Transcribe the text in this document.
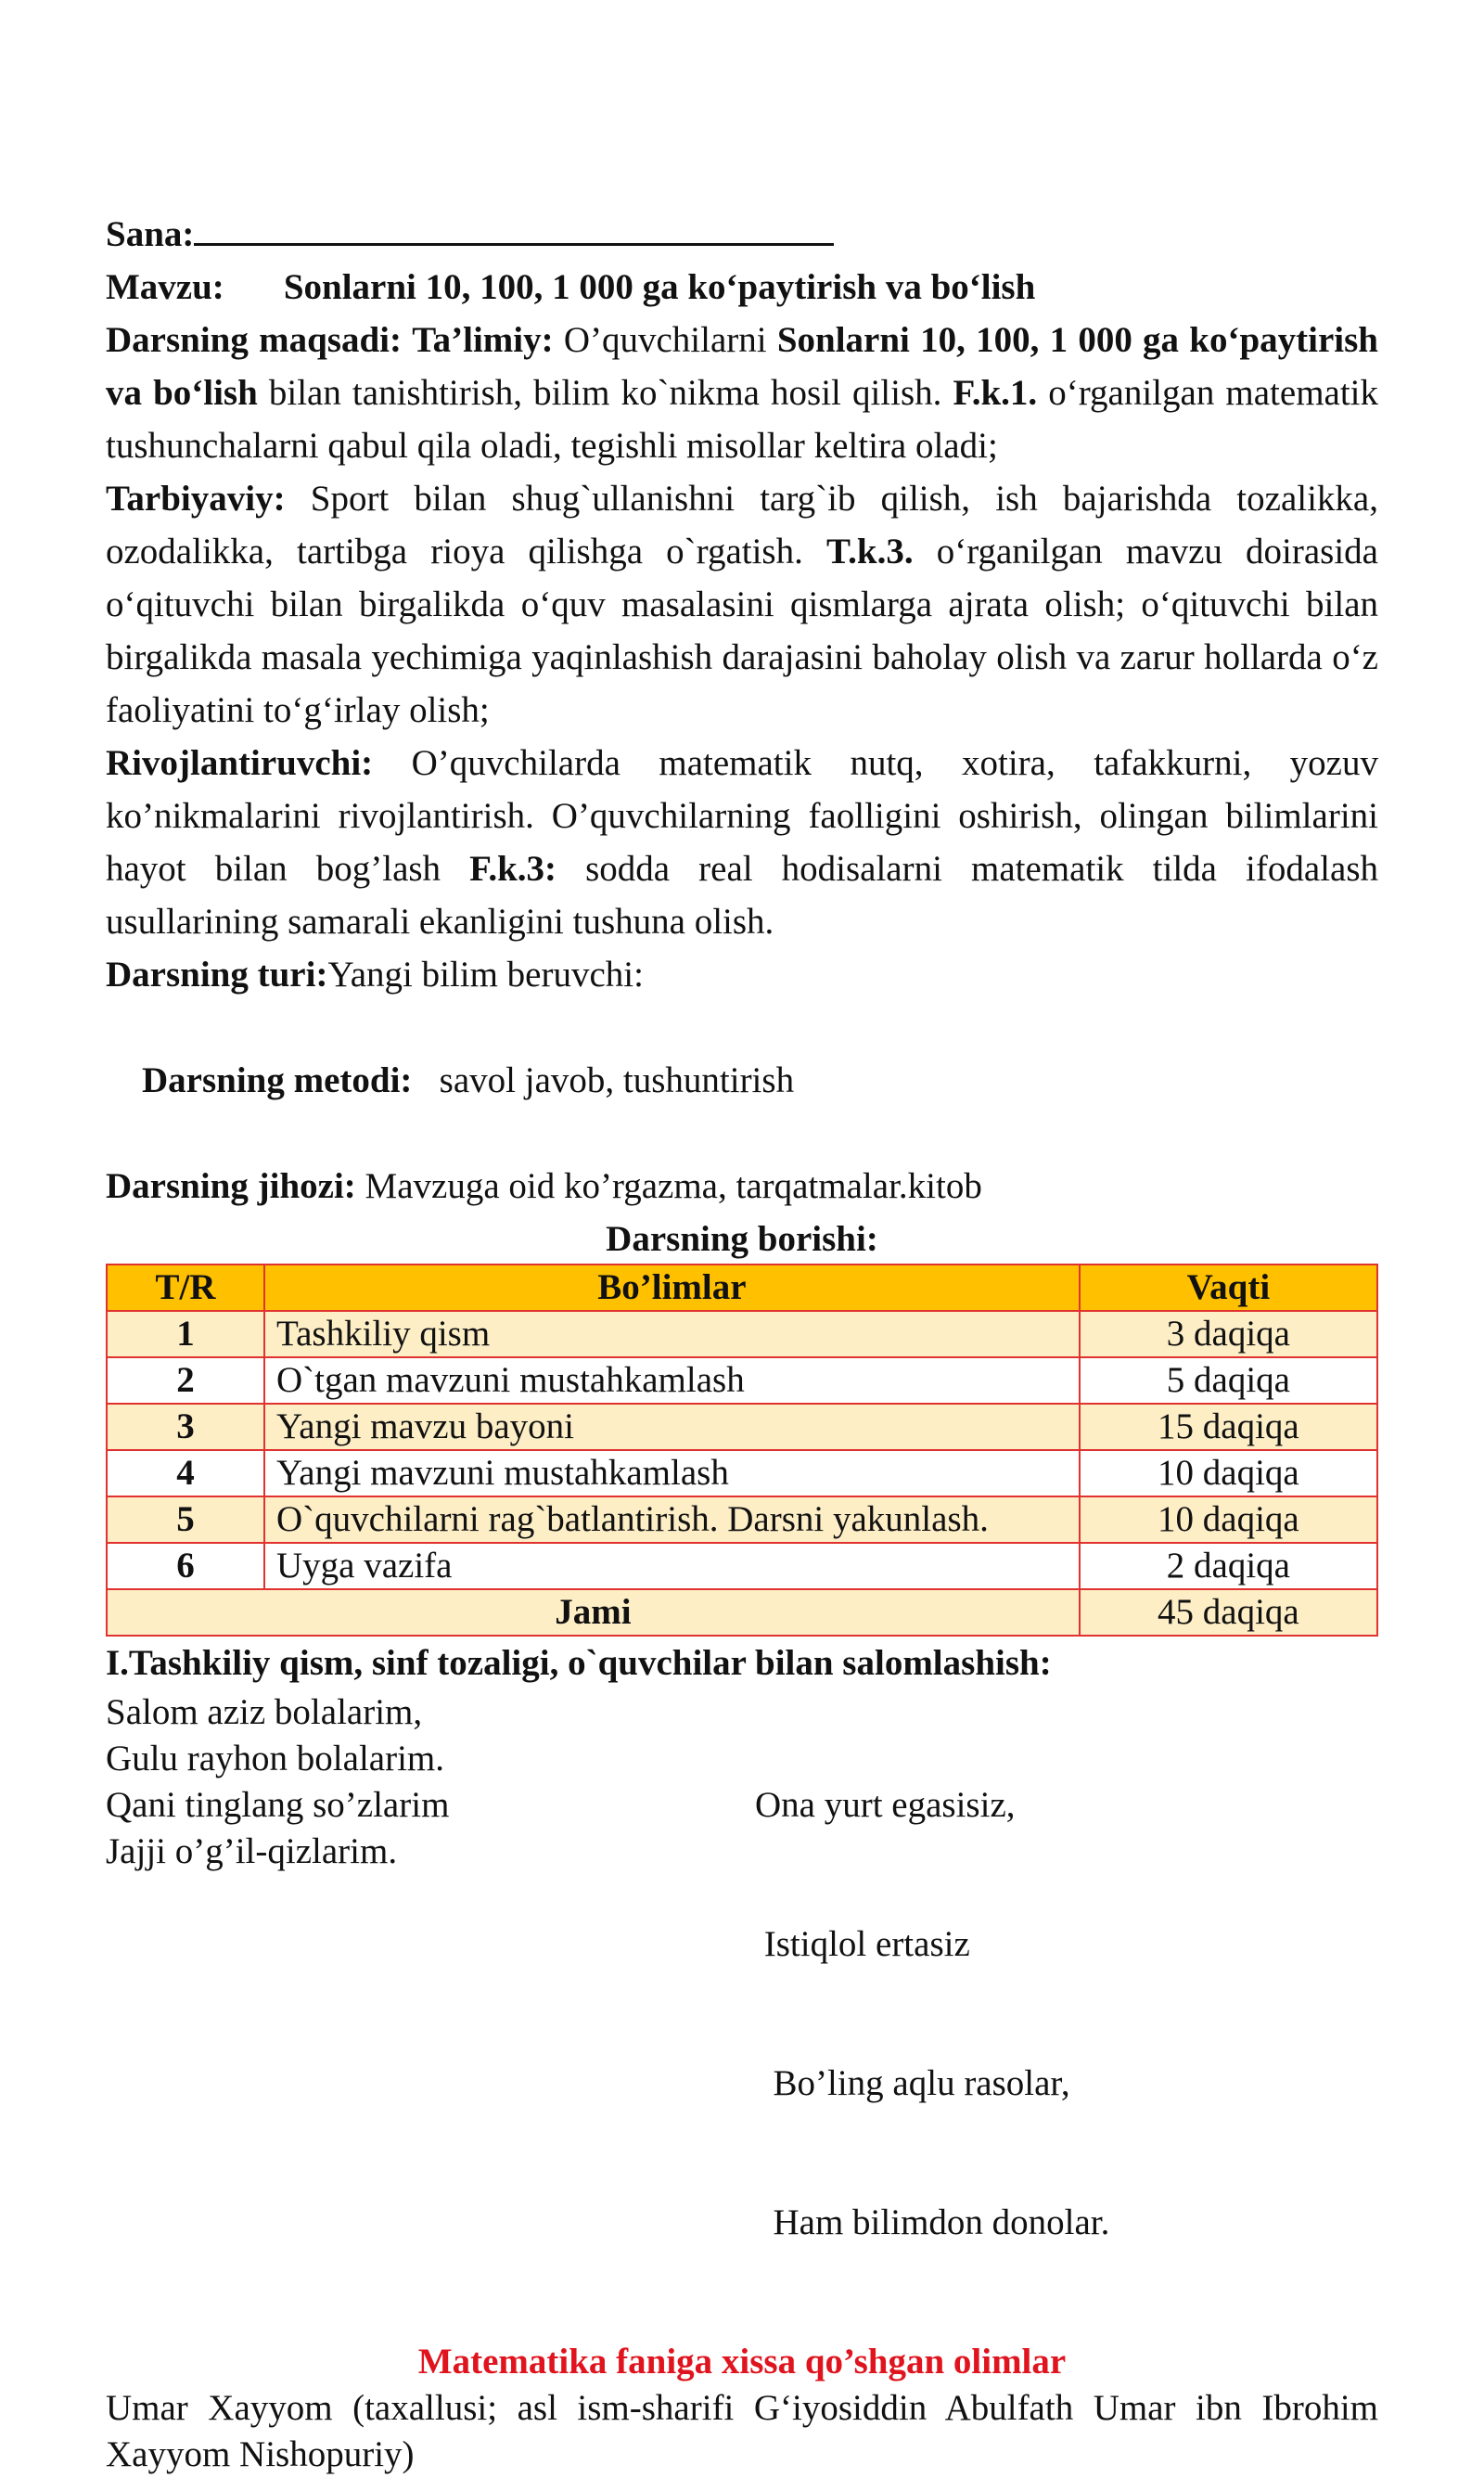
Sana:

Mavzu: Sonlarni 10, 100, 1 000 ga ko‘paytirish va bo‘lish

Darsning maqsadi: Ta’limiy: O’quvchilarni Sonlarni 10, 100, 1 000 ga ko‘paytirish va bo‘lish bilan tanishtirish, bilim ko`nikma hosil qilish. F.k.1. o‘rganilgan matematik tushunchalarni qabul qila oladi, tegishli misollar keltira oladi;

Tarbiyaviy: Sport bilan shug`ullanishni targ`ib qilish, ish bajarishda tozalikka, ozodalikka, tartibga rioya qilishga o`rgatish. T.k.3. o‘rganilgan mavzu doirasida o‘qituvchi bilan birgalikda o‘quv masalasini qismlarga ajrata olish; o‘qituvchi bilan birgalikda masala yechimiga yaqinlashish darajasini baholay olish va zarur hollarda o‘z faoliyatini to‘g‘irlay olish;

Rivojlantiruvchi: O’quvchilarda matematik nutq, xotira, tafakkurni, yozuv ko’nikmalarini rivojlantirish. O’quvchilarning faolligini oshirish, olingan bilimlarini hayot bilan bog’lash F.k.3: sodda real hodisalarni matematik tilda ifodalash usullarining samarali ekanligini tushuna olish.

Darsning turi:Yangi bilim beruvchi:

Darsning metodi:   savol javob, tushuntirish

Darsning jihozi: Mavzuga oid ko’rgazma, tarqatmalar.kitob

Darsning borishi:

T/R	Bo’limlar	Vaqti
1	Tashkiliy qism	3 daqiqa
2	O`tgan mavzuni mustahkamlash	5 daqiqa
3	Yangi mavzu bayoni	15 daqiqa
4	Yangi mavzuni mustahkamlash	10 daqiqa
5	O`quvchilarni rag`batlantirish. Darsni yakunlash.	10 daqiqa
6	Uyga vazifa	2 daqiqa
Jami		45 daqiqa

I.Tashkiliy qism, sinf tozaligi, o`quvchilar bilan salomlashish:

Salom aziz bolalarim,
Gulu rayhon bolalarim.
Qani tinglang so’zlarim
Jajji o’g’il-qizlarim.

Ona yurt egasisiz,

Istiqlol ertasiz

Bo’ling aqlu rasolar,

Ham bilimdon donolar.

Matematika faniga xissa qo’shgan olimlar

Umar Xayyom (taxallusi; asl ism-sharifi G‘iyosiddin Abulfath Umar ibn Ibrohim Xayyom Nishopuriy)
